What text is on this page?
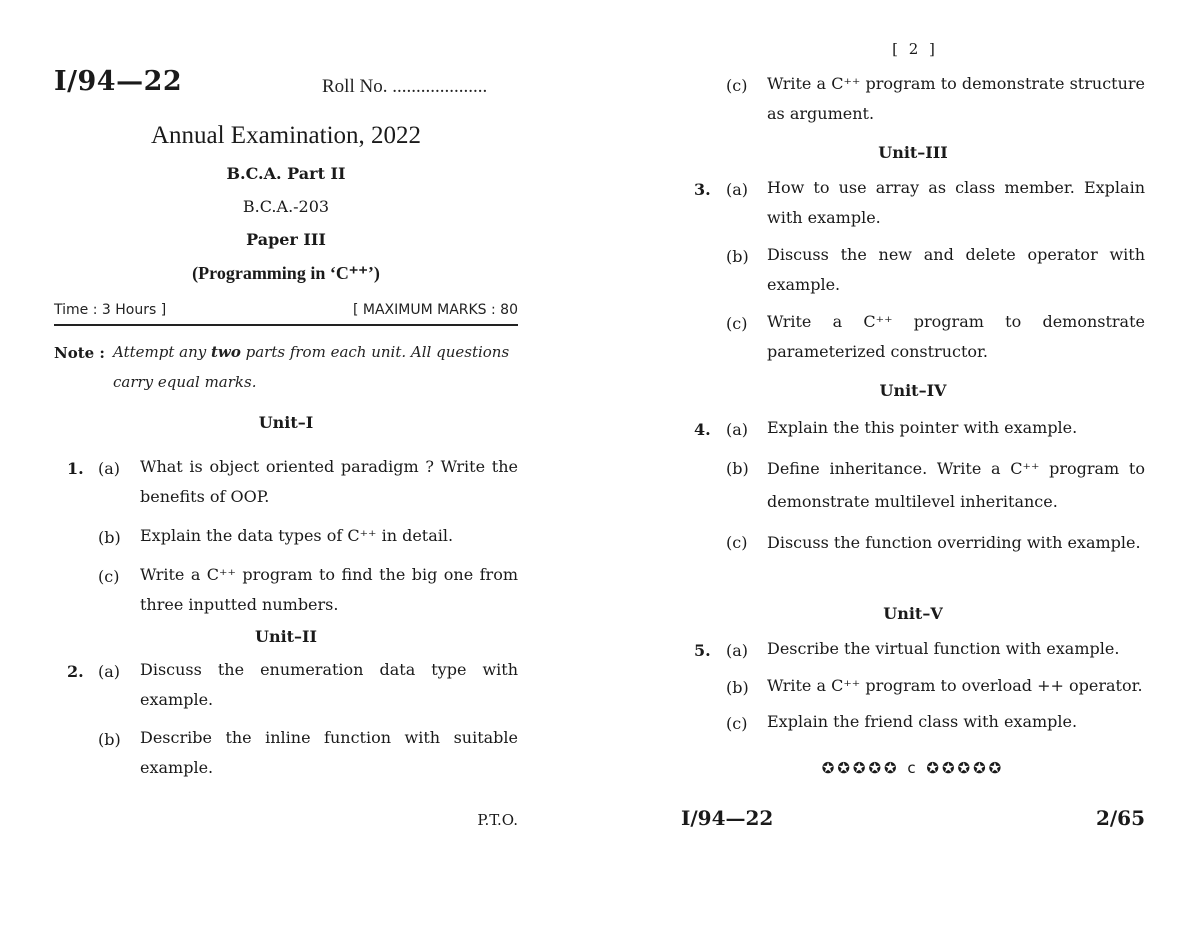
I/94—22	Roll No. ....................
Annual Examination, 2022
B.C.A. Part II
B.C.A.-203
Paper III
(Programming in ‘C⁺⁺’)
Time : 3 Hours ]	[ MAXIMUM MARKS : 80
Note : Attempt any two parts from each unit. All questions carry equal marks.
Unit–I
1. (a) What is object oriented paradigm ? Write the benefits of OOP.
(b) Explain the data types of C⁺⁺ in detail.
(c) Write a C⁺⁺ program to find the big one from three inputted numbers.
Unit–II
2. (a) Discuss the enumeration data type with example.
(b) Describe the inline function with suitable example.
P.T.O.
[ 2 ]
(c) Write a C⁺⁺ program to demonstrate structure as argument.
Unit–III
3. (a) How to use array as class member. Explain with example.
(b) Discuss the new and delete operator with example.
(c) Write a C⁺⁺ program to demonstrate parameterized constructor.
Unit–IV
4. (a) Explain the this pointer with example.
(b) Define inheritance. Write a C⁺⁺ program to demonstrate multilevel inheritance.
(c) Discuss the function overriding with example.
Unit–V
5. (a) Describe the virtual function with example.
(b) Write a C⁺⁺ program to overload ++ operator.
(c) Explain the friend class with example.
✪✪✪✪✪ c ✪✪✪✪✪
I/94—22	2/65
